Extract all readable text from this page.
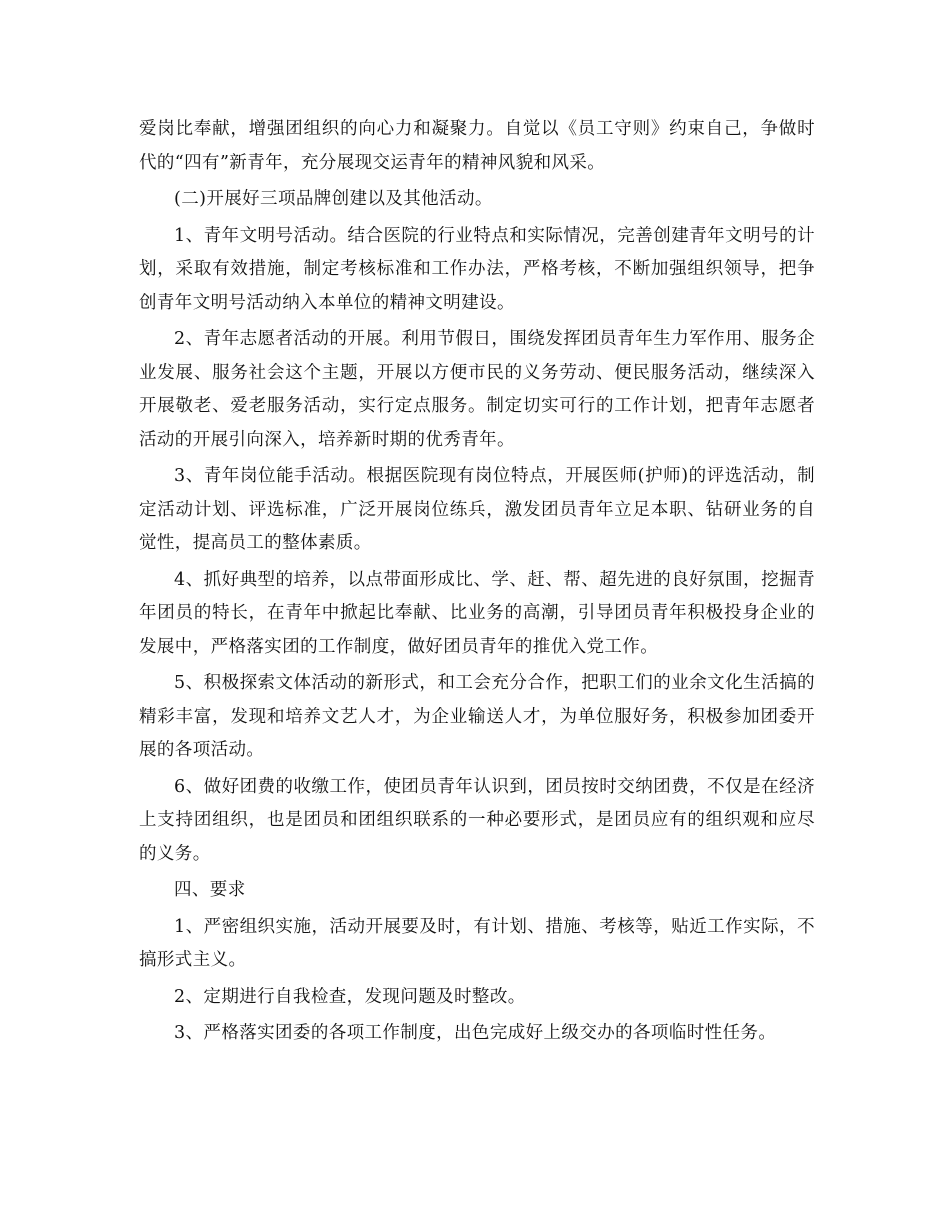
爱岗比奉献，增强团组织的向心力和凝聚力。自觉以《员工守则》约束自己，争做时代的“四有”新青年，充分展现交运青年的精神风貌和风采。

(二)开展好三项品牌创建以及其他活动。

1、青年文明号活动。结合医院的行业特点和实际情况，完善创建青年文明号的计划，采取有效措施，制定考核标准和工作办法，严格考核，不断加强组织领导，把争创青年文明号活动纳入本单位的精神文明建设。

2、青年志愿者活动的开展。利用节假日，围绕发挥团员青年生力军作用、服务企业发展、服务社会这个主题，开展以方便市民的义务劳动、便民服务活动，继续深入开展敬老、爱老服务活动，实行定点服务。制定切实可行的工作计划，把青年志愿者活动的开展引向深入，培养新时期的优秀青年。

3、青年岗位能手活动。根据医院现有岗位特点，开展医师(护师)的评选活动，制定活动计划、评选标准，广泛开展岗位练兵，激发团员青年立足本职、钻研业务的自觉性，提高员工的整体素质。

4、抓好典型的培养，以点带面形成比、学、赶、帮、超先进的良好氛围，挖掘青年团员的特长，在青年中掀起比奉献、比业务的高潮，引导团员青年积极投身企业的发展中，严格落实团的工作制度，做好团员青年的推优入党工作。

5、积极探索文体活动的新形式，和工会充分合作，把职工们的业余文化生活搞的精彩丰富，发现和培养文艺人才，为企业输送人才，为单位服好务，积极参加团委开展的各项活动。

6、做好团费的收缴工作，使团员青年认识到，团员按时交纳团费，不仅是在经济上支持团组织，也是团员和团组织联系的一种必要形式，是团员应有的组织观和应尽的义务。

四、要求

1、严密组织实施，活动开展要及时，有计划、措施、考核等，贴近工作实际，不搞形式主义。

2、定期进行自我检查，发现问题及时整改。

3、严格落实团委的各项工作制度，出色完成好上级交办的各项临时性任务。
